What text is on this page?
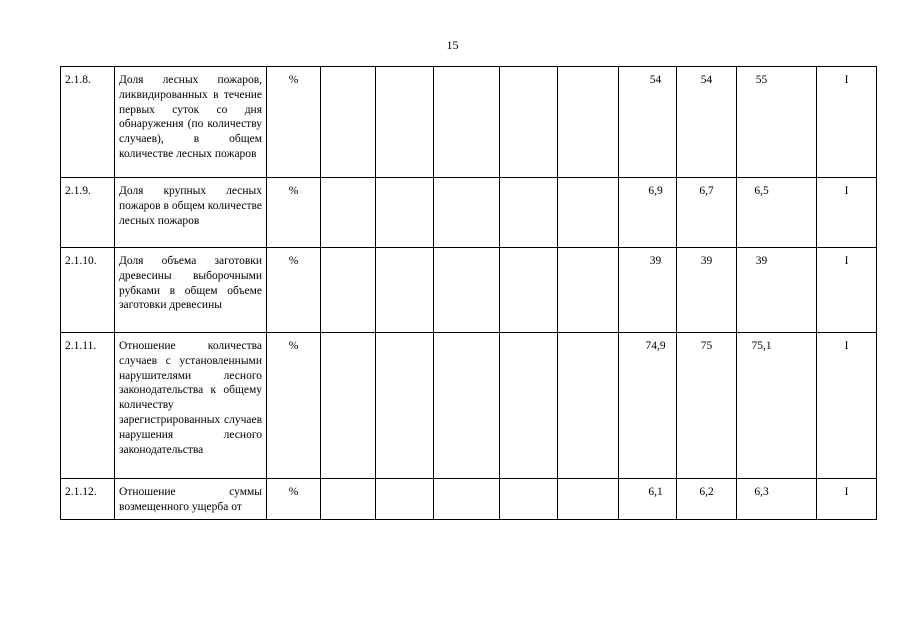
15
2.1.8.	Доля лесных пожаров, ликвидированных в течение первых суток со дня обнаружения (по количеству случаев), в общем количестве лесных пожаров	%						54	54	55	I
2.1.9.	Доля крупных лесных пожаров в общем количестве лесных пожаров	%						6,9	6,7	6,5	I
2.1.10.	Доля объема заготовки древесины выборочными рубками в общем объеме заготовки древесины	%						39	39	39	I
2.1.11.	Отношение количества случаев с установленными нарушителями лесного законодательства к общему количеству зарегистрированных случаев нарушения лесного законодательства	%						74,9	75	75,1	I
2.1.12.	Отношение суммы возмещенного ущерба от	%						6,1	6,2	6,3	I
